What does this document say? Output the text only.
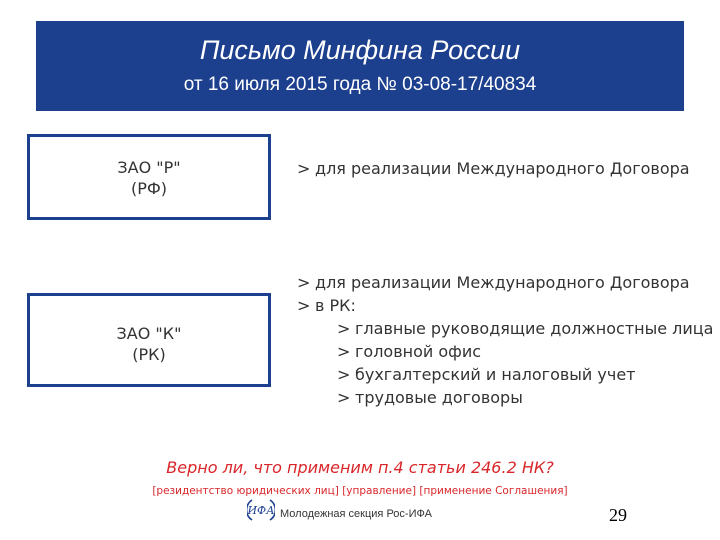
Письмо Минфина России
от 16 июля 2015 года № 03-08-17/40834
ЗАО "Р"
(РФ)
> для реализации Международного Договора
ЗАО "К"
(РК)
> для реализации Международного Договора
> в РК:
> главные руководящие должностные лица
> головной офис
> бухгалтерский и налоговый учет
> трудовые договоры
Верно ли, что применим п.4 статьи 246.2 НК?
[резидентство юридических лиц] [управление] [применение Соглашения]
ИФА Молодежная секция Рос-ИФА	29
